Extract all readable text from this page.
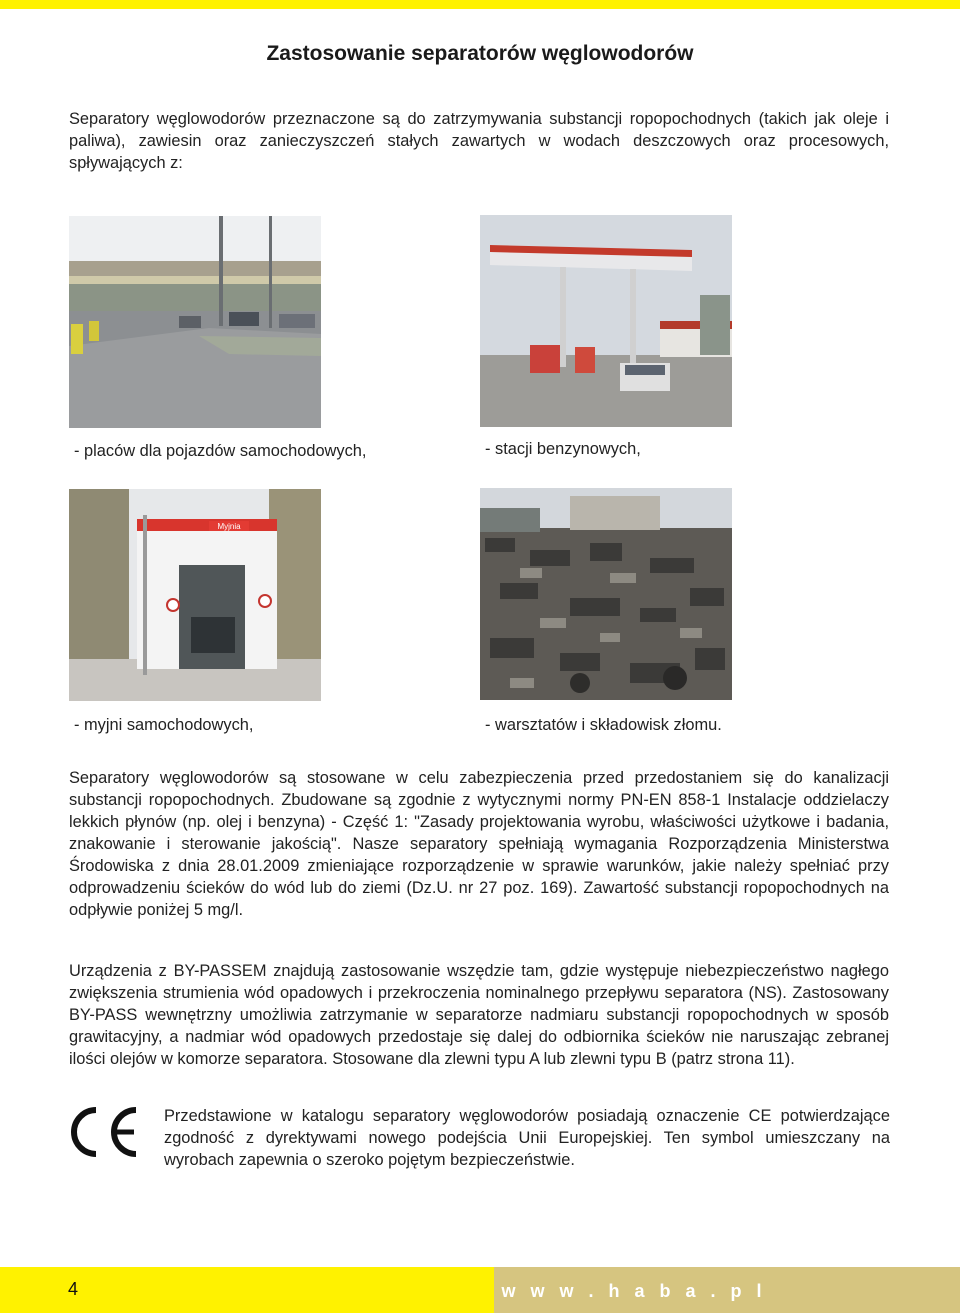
Zastosowanie separatorów węglowodorów
Separatory węglowodorów przeznaczone są do zatrzymywania substancji ropopochodnych (takich jak oleje i paliwa), zawiesin oraz zanieczyszczeń stałych zawartych w wodach deszczowych oraz procesowych, spływających z:
- placów dla pojazdów samochodowych,	- stacji benzynowych,
Myjnia
- myjni samochodowych,	- warsztatów i składowisk złomu.
Separatory węglowodorów są stosowane w celu zabezpieczenia przed przedostaniem się do kanalizacji substancji ropopochodnych. Zbudowane są zgodnie z wytycznymi normy PN-EN 858-1 Instalacje oddzielaczy lekkich płynów (np. olej i benzyna) - Część 1: "Zasady projektowania wyrobu, właściwości użytkowe i badania, znakowanie i sterowanie jakością". Nasze separatory spełniają wymagania Rozporządzenia Ministerstwa Środowiska z dnia 28.01.2009 zmieniające rozporządzenie w sprawie warunków, jakie należy spełniać przy odprowadzeniu ścieków do wód lub do ziemi (Dz.U. nr 27 poz. 169). Zawartość substancji ropopochodnych na odpływie poniżej 5 mg/l.
Urządzenia z BY-PASSEM znajdują zastosowanie wszędzie tam, gdzie występuje niebezpieczeństwo nagłego zwiększenia strumienia wód opadowych i przekroczenia nominalnego przepływu separatora (NS). Zastosowany BY-PASS wewnętrzny umożliwia zatrzymanie w separatorze nadmiaru substancji ropopochodnych w sposób grawitacyjny, a nadmiar wód opadowych przedostaje się dalej do odbiornika ścieków nie naruszając zebranej ilości olejów w komorze separatora. Stosowane dla zlewni typu A lub zlewni typu B (patrz strona 11).
Przedstawione w katalogu separatory węglowodorów posiadają oznaczenie CE potwierdzające zgodność z dyrektywami nowego podejścia Unii Europejskiej. Ten symbol umieszczany na wyrobach zapewnia o szeroko pojętym bezpieczeństwie.
4	w w w . h a b a . p l
